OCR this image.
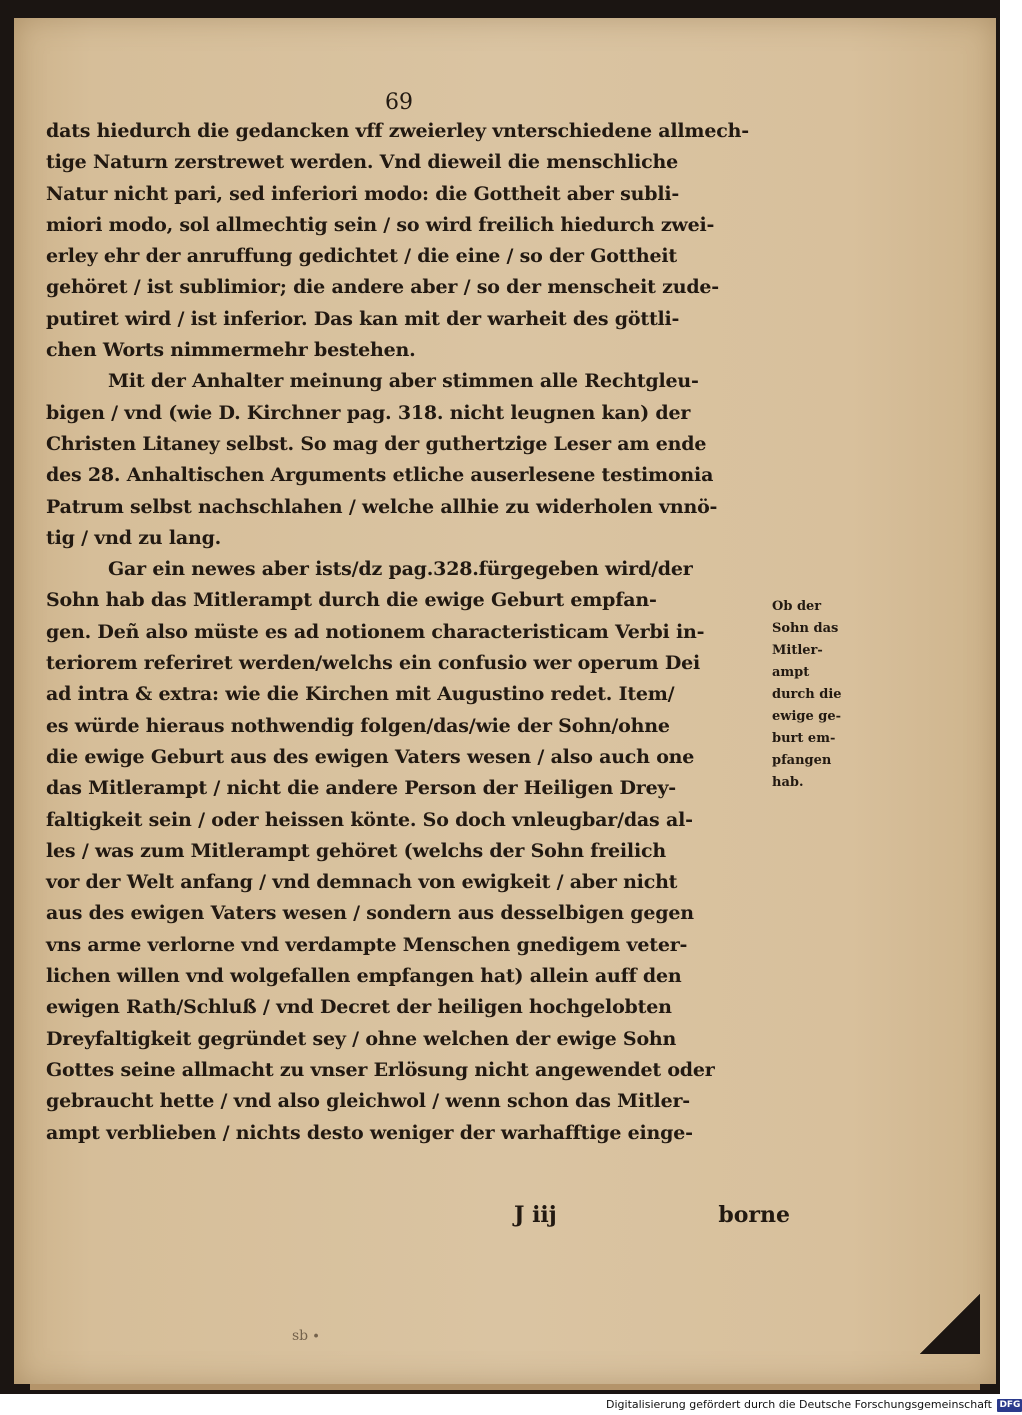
69
dats hiedurch die gedancken vff zweierley vnterschiedene allmech-
tige Naturn zerstrewet werden. Vnd dieweil die menschliche
Natur nicht pari, sed inferiori modo: die Gottheit aber subli-
miori modo, sol allmechtig sein / so wird freilich hiedurch zwei-
erley ehr der anruffung gedichtet / die eine / so der Gottheit
gehöret / ist sublimior; die andere aber / so der menscheit zude-
putiret wird / ist inferior. Das kan mit der warheit des göttli-
chen Worts nimmermehr bestehen.
Mit der Anhalter meinung aber stimmen alle Rechtgleu-
bigen / vnd (wie D. Kirchner pag. 318. nicht leugnen kan) der
Christen Litaney selbst. So mag der guthertzige Leser am ende
des 28. Anhaltischen Arguments etliche auserlesene testimonia
Patrum selbst nachschlahen / welche allhie zu widerholen vnnö-
tig / vnd zu lang.
Gar ein newes aber ists/dz pag.328.fürgegeben wird/der
Sohn hab das Mitlerampt durch die ewige Geburt empfan-
gen. Deñ also müste es ad notionem characteristicam Verbi in-
teriorem referiret werden/welchs ein confusio wer operum Dei
ad intra & extra: wie die Kirchen mit Augustino redet. Item/
es würde hieraus nothwendig folgen/das/wie der Sohn/ohne
die ewige Geburt aus des ewigen Vaters wesen / also auch one
das Mitlerampt / nicht die andere Person der Heiligen Drey-
faltigkeit sein / oder heissen könte. So doch vnleugbar/das al-
les / was zum Mitlerampt gehöret (welchs der Sohn freilich
vor der Welt anfang / vnd demnach von ewigkeit / aber nicht
aus des ewigen Vaters wesen / sondern aus desselbigen gegen
vns arme verlorne vnd verdampte Menschen gnedigem veter-
lichen willen vnd wolgefallen empfangen hat) allein auff den
ewigen Rath/Schluß / vnd Decret der heiligen hochgelobten
Dreyfaltigkeit gegründet sey / ohne welchen der ewige Sohn
Gottes seine allmacht zu vnser Erlösung nicht angewendet oder
gebraucht hette / vnd also gleichwol / wenn schon das Mitler-
ampt verblieben / nichts desto weniger der warhafftige einge-
J iij	borne
Ob der
Sohn das
Mitler-
ampt
durch die
ewige ge-
burt em-
pfangen
hab.
sb ∙
Digitalisierung gefördert durch die Deutsche Forschungsgemeinschaft DFG
